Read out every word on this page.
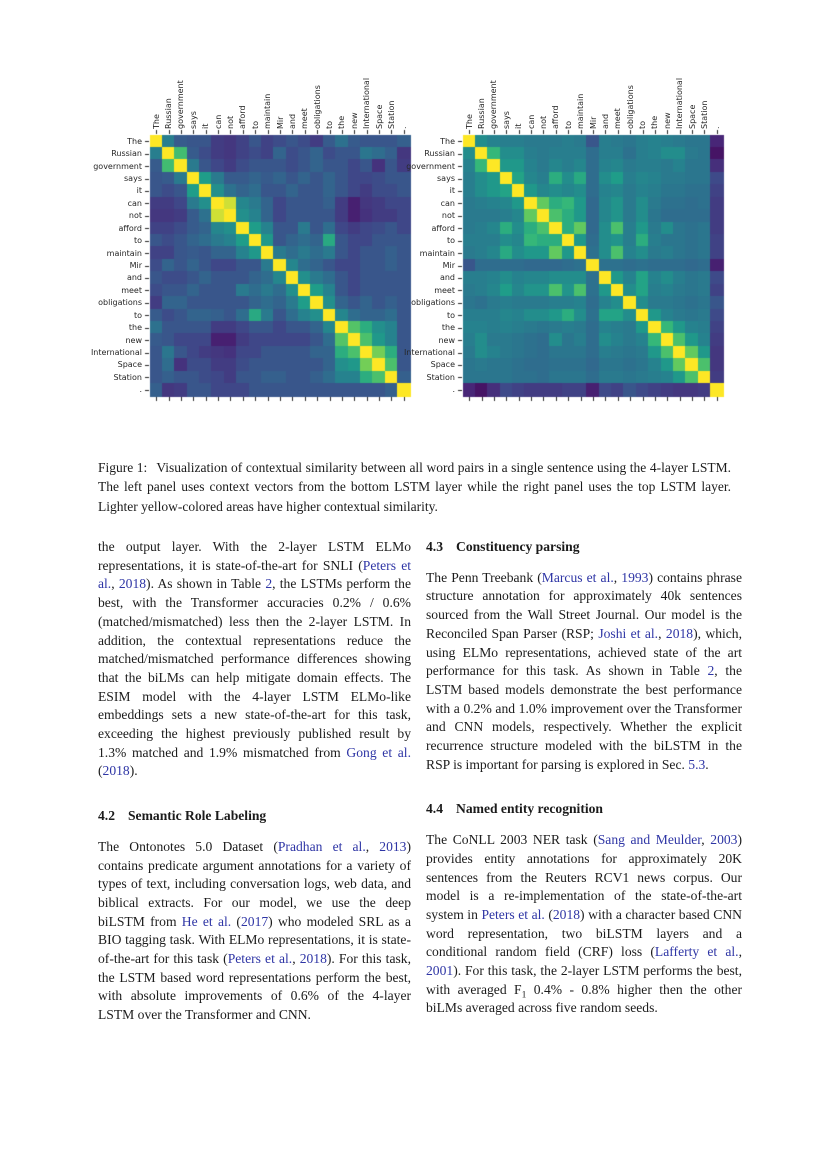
The
Russian
government
says
it
can
not
afford
to
maintain
Mir
and
meet
obligations
to
the
new
International
Space
Station
.
The Russian government says it can not afford to maintain Mir and meet obligations to the new International Space Station .
The
Russian
government
says
it
can
not
afford
to
maintain
Mir
and
meet
obligations
to
the
new
International
Space
Station
.
The Russian government says it can not afford to maintain Mir and meet obligations to the new International Space Station .

Figure 1: Visualization of contextual similarity between all word pairs in a single sentence using the 4-layer LSTM. The left panel uses context vectors from the bottom LSTM layer while the right panel uses the top LSTM layer. Lighter yellow-colored areas have higher contextual similarity.

the output layer. With the 2-layer LSTM ELMo representations, it is state-of-the-art for SNLI (Peters et al., 2018). As shown in Table 2, the LSTMs perform the best, with the Transformer accuracies 0.2% / 0.6% (matched/mismatched) less then the 2-layer LSTM. In addition, the contextual representations reduce the matched/mismatched performance differences showing that the biLMs can help mitigate domain effects. The ESIM model with the 4-layer LSTM ELMo-like embeddings sets a new state-of-the-art for this task, exceeding the highest previously published result by 1.3% matched and 1.9% mismatched from Gong et al. (2018).

4.2 Semantic Role Labeling

The Ontonotes 5.0 Dataset (Pradhan et al., 2013) contains predicate argument annotations for a variety of types of text, including conversation logs, web data, and biblical extracts. For our model, we use the deep biLSTM from He et al. (2017) who modeled SRL as a BIO tagging task. With ELMo representations, it is state-of-the-art for this task (Peters et al., 2018). For this task, the LSTM based word representations perform the best, with absolute improvements of 0.6% of the 4-layer LSTM over the Transformer and CNN.

4.3 Constituency parsing

The Penn Treebank (Marcus et al., 1993) contains phrase structure annotation for approximately 40k sentences sourced from the Wall Street Journal. Our model is the Reconciled Span Parser (RSP; Joshi et al., 2018), which, using ELMo representations, achieved state of the art performance for this task. As shown in Table 2, the LSTM based models demonstrate the best performance with a 0.2% and 1.0% improvement over the Transformer and CNN models, respectively. Whether the explicit recurrence structure modeled with the biLSTM in the RSP is important for parsing is explored in Sec. 5.3.

4.4 Named entity recognition

The CoNLL 2003 NER task (Sang and Meulder, 2003) provides entity annotations for approximately 20K sentences from the Reuters RCV1 news corpus. Our model is a re-implementation of the state-of-the-art system in Peters et al. (2018) with a character based CNN word representation, two biLSTM layers and a conditional random field (CRF) loss (Lafferty et al., 2001). For this task, the 2-layer LSTM performs the best, with averaged $F_1$ 0.4% - 0.8% higher then the other biLMs averaged across five random seeds.
